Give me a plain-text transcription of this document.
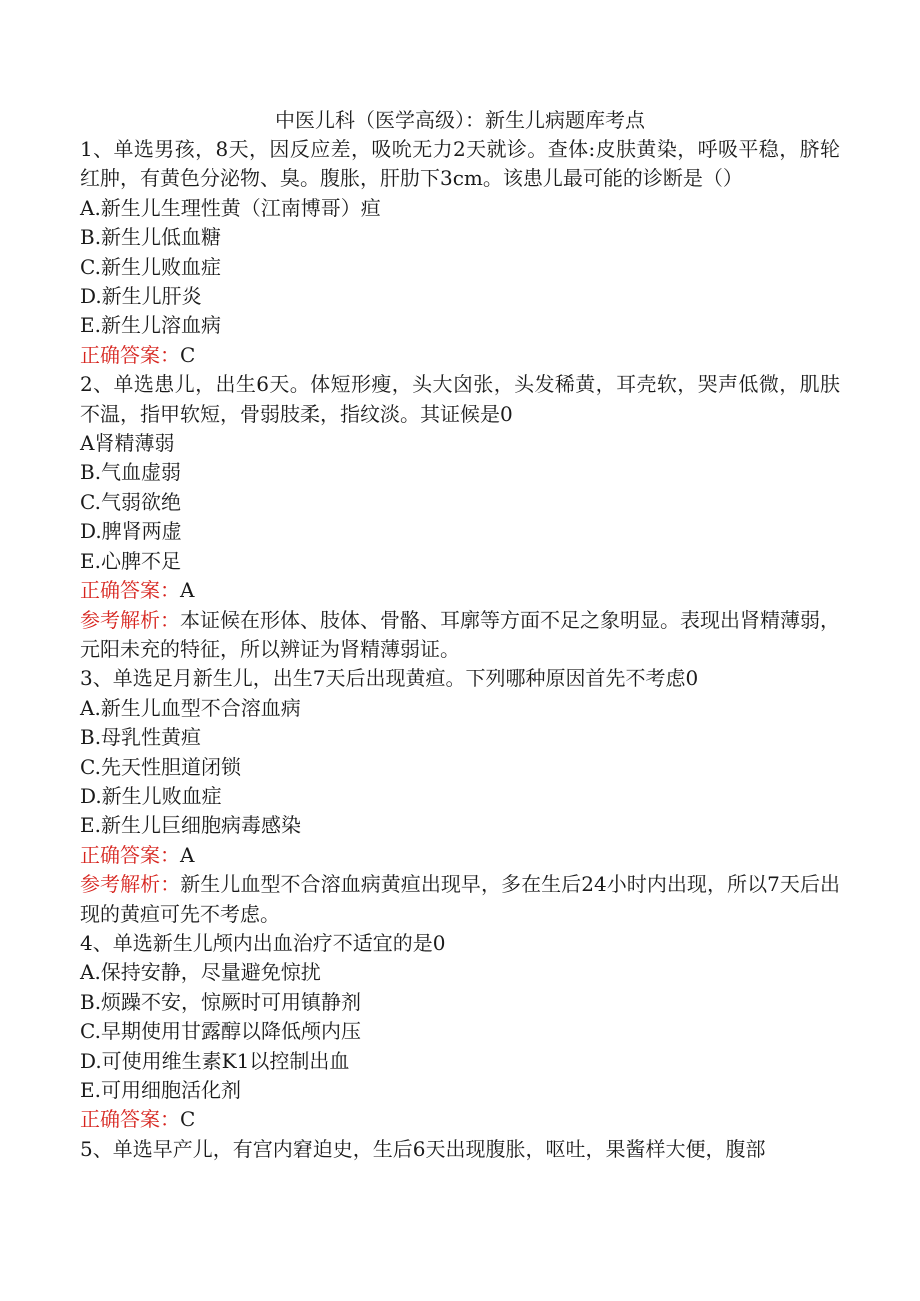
中医儿科（医学高级）：新生儿病题库考点
1、单选男孩，8天，因反应差，吸吮无力2天就诊。查体:皮肤黄染，呼吸平稳，脐轮红肿，有黄色分泌物、臭。腹胀，肝肋下3cm。该患儿最可能的诊断是（）
A.新生儿生理性黄（江南博哥）疸
B.新生儿低血糖
C.新生儿败血症
D.新生儿肝炎
E.新生儿溶血病
正确答案：C
2、单选患儿，出生6天。体短形瘦，头大囟张，头发稀黄，耳壳软，哭声低微，肌肤不温，指甲软短，骨弱肢柔，指纹淡。其证候是0
A肾精薄弱
B.气血虚弱
C.气弱欲绝
D.脾肾两虚
E.心脾不足
正确答案：A
参考解析：本证候在形体、肢体、骨骼、耳廓等方面不足之象明显。表现出肾精薄弱，元阳未充的特征，所以辨证为肾精薄弱证。
3、单选足月新生儿，出生7天后出现黄疸。下列哪种原因首先不考虑0
A.新生儿血型不合溶血病
B.母乳性黄疸
C.先天性胆道闭锁
D.新生儿败血症
E.新生儿巨细胞病毒感染
正确答案：A
参考解析：新生儿血型不合溶血病黄疸出现早，多在生后24小时内出现，所以7天后出现的黄疸可先不考虑。
4、单选新生儿颅内出血治疗不适宜的是0
A.保持安静，尽量避免惊扰
B.烦躁不安，惊厥时可用镇静剂
C.早期使用甘露醇以降低颅内压
D.可使用维生素K1以控制出血
E.可用细胞活化剂
正确答案：C
5、单选早产儿，有宫内窘迫史，生后6天出现腹胀，呕吐，果酱样大便，腹部
